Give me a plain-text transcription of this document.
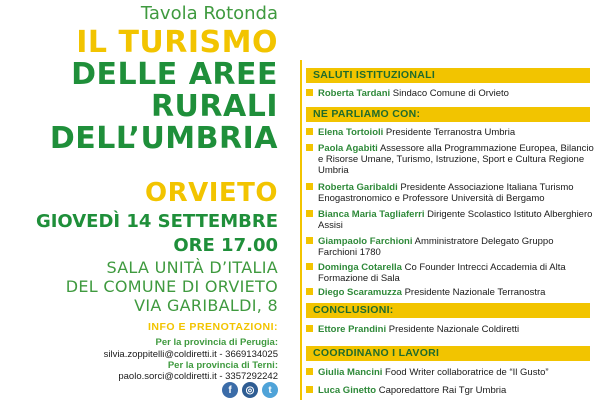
Tavola Rotonda
IL TURISMO
DELLE AREE
RURALI
DELL’UMBRIA
ORVIETO
GIOVEDÌ 14 SETTEMBRE
ORE 17.00
SALA UNITÀ D’ITALIA
DEL COMUNE DI ORVIETO
VIA GARIBALDI, 8
INFO E PRENOTAZIONI:
Per la provincia di Perugia:
silvia.zoppitelli@coldiretti.it - 3669134025
Per la provincia di Terni:
paolo.sorci@coldiretti.it - 3357292242
f	◎	t
SALUTI ISTITUZIONALI
Roberta Tardani Sindaco Comune di Orvieto
NE PARLIAMO CON:
Elena Tortoioli Presidente Terranostra Umbria
Paola Agabiti Assessore alla Programmazione Europea, Bilancio e Risorse Umane, Turismo, Istruzione, Sport e Cultura Regione Umbria
Roberta Garibaldi Presidente Associazione Italiana Turismo Enogastronomico e Professore Università di Bergamo
Bianca Maria Tagliaferri Dirigente Scolastico Istituto Alberghiero Assisi
Giampaolo Farchioni Amministratore Delegato Gruppo Farchioni 1780
Dominga Cotarella Co Founder Intrecci Accademia di Alta Formazione di Sala
Diego Scaramuzza Presidente Nazionale Terranostra
CONCLUSIONI:
Ettore Prandini Presidente Nazionale Coldiretti
COORDINANO I LAVORI
Giulia Mancini Food Writer collaboratrice de “Il Gusto”
Luca Ginetto Caporedattore Rai Tgr Umbria
